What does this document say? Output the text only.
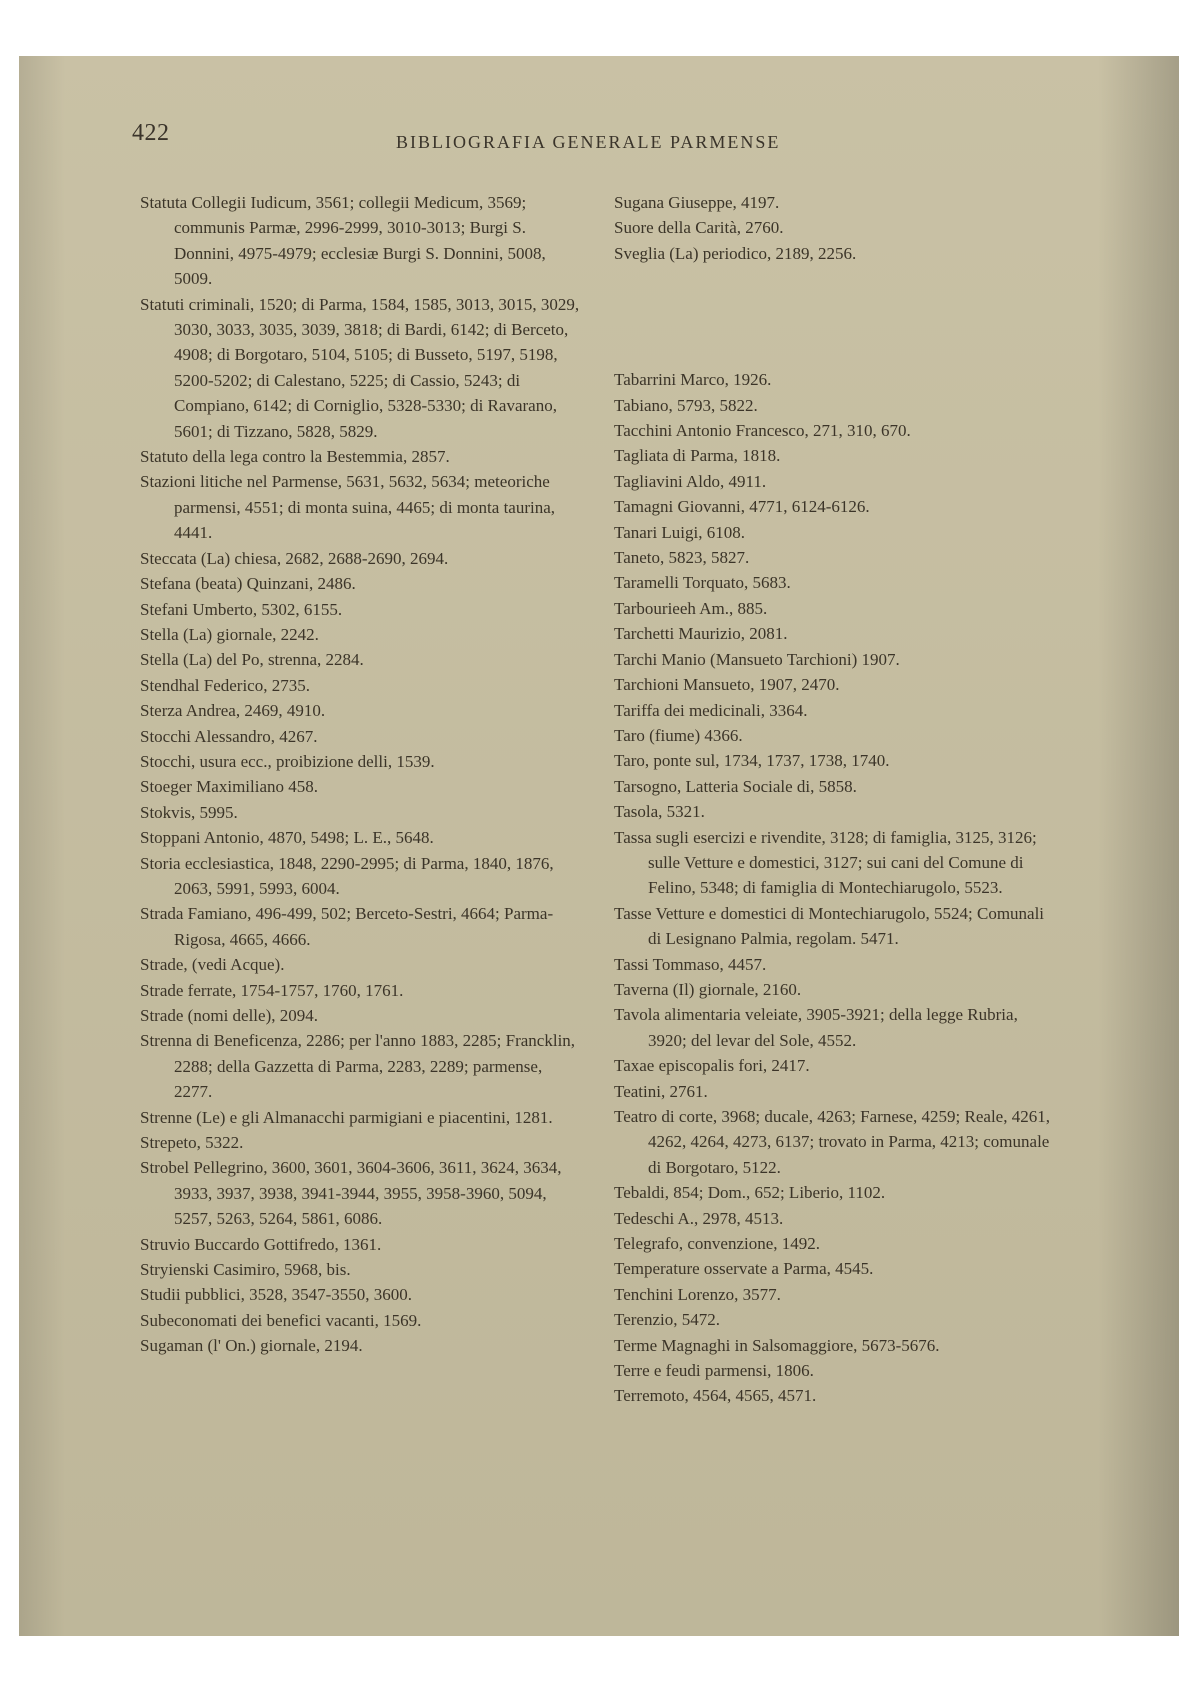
422	BIBLIOGRAFIA GENERALE PARMENSE

Statuta Collegii Iudicum, 3561; collegii Medicum, 3569; communis Parmæ, 2996-2999, 3010-3013; Burgi S. Donnini, 4975-4979; ecclesiæ Burgi S. Donnini, 5008, 5009.

Statuti criminali, 1520; di Parma, 1584, 1585, 3013, 3015, 3029, 3030, 3033, 3035, 3039, 3818; di Bardi, 6142; di Berceto, 4908; di Borgotaro, 5104, 5105; di Busseto, 5197, 5198, 5200-5202; di Calestano, 5225; di Cassio, 5243; di Compiano, 6142; di Corniglio, 5328-5330; di Ravarano, 5601; di Tizzano, 5828, 5829.

Statuto della lega contro la Bestemmia, 2857.

Stazioni litiche nel Parmense, 5631, 5632, 5634; meteoriche parmensi, 4551; di monta suina, 4465; di monta taurina, 4441.

Steccata (La) chiesa, 2682, 2688-2690, 2694.

Stefana (beata) Quinzani, 2486.

Stefani Umberto, 5302, 6155.

Stella (La) giornale, 2242.

Stella (La) del Po, strenna, 2284.

Stendhal Federico, 2735.

Sterza Andrea, 2469, 4910.

Stocchi Alessandro, 4267.

Stocchi, usura ecc., proibizione delli, 1539.

Stoeger Maximiliano 458.

Stokvis, 5995.

Stoppani Antonio, 4870, 5498; L. E., 5648.

Storia ecclesiastica, 1848, 2290-2995; di Parma, 1840, 1876, 2063, 5991, 5993, 6004.

Strada Famiano, 496-499, 502; Berceto-Sestri, 4664; Parma-Rigosa, 4665, 4666.

Strade, (vedi Acque).

Strade ferrate, 1754-1757, 1760, 1761.

Strade (nomi delle), 2094.

Strenna di Beneficenza, 2286; per l'anno 1883, 2285; Francklin, 2288; della Gazzetta di Parma, 2283, 2289; parmense, 2277.

Strenne (Le) e gli Almanacchi parmigiani e piacentini, 1281.

Strepeto, 5322.

Strobel Pellegrino, 3600, 3601, 3604-3606, 3611, 3624, 3634, 3933, 3937, 3938, 3941-3944, 3955, 3958-3960, 5094, 5257, 5263, 5264, 5861, 6086.

Struvio Buccardo Gottifredo, 1361.

Stryienski Casimiro, 5968, bis.

Studii pubblici, 3528, 3547-3550, 3600.

Subeconomati dei benefici vacanti, 1569.

Sugaman (l' On.) giornale, 2194.

Sugana Giuseppe, 4197.

Suore della Carità, 2760.

Sveglia (La) periodico, 2189, 2256.

Tabarrini Marco, 1926.

Tabiano, 5793, 5822.

Tacchini Antonio Francesco, 271, 310, 670.

Tagliata di Parma, 1818.

Tagliavini Aldo, 4911.

Tamagni Giovanni, 4771, 6124-6126.

Tanari Luigi, 6108.

Taneto, 5823, 5827.

Taramelli Torquato, 5683.

Tarbourieeh Am., 885.

Tarchetti Maurizio, 2081.

Tarchi Manio (Mansueto Tarchioni) 1907.

Tarchioni Mansueto, 1907, 2470.

Tariffa dei medicinali, 3364.

Taro (fiume) 4366.

Taro, ponte sul, 1734, 1737, 1738, 1740.

Tarsogno, Latteria Sociale di, 5858.

Tasola, 5321.

Tassa sugli esercizi e rivendite, 3128; di famiglia, 3125, 3126; sulle Vetture e domestici, 3127; sui cani del Comune di Felino, 5348; di famiglia di Montechiarugolo, 5523.

Tasse Vetture e domestici di Montechiarugolo, 5524; Comunali di Lesignano Palmia, regolam. 5471.

Tassi Tommaso, 4457.

Taverna (Il) giornale, 2160.

Tavola alimentaria veleiate, 3905-3921; della legge Rubria, 3920; del levar del Sole, 4552.

Taxae episcopalis fori, 2417.

Teatini, 2761.

Teatro di corte, 3968; ducale, 4263; Farnese, 4259; Reale, 4261, 4262, 4264, 4273, 6137; trovato in Parma, 4213; comunale di Borgotaro, 5122.

Tebaldi, 854; Dom., 652; Liberio, 1102.

Tedeschi A., 2978, 4513.

Telegrafo, convenzione, 1492.

Temperature osservate a Parma, 4545.

Tenchini Lorenzo, 3577.

Terenzio, 5472.

Terme Magnaghi in Salsomaggiore, 5673-5676.

Terre e feudi parmensi, 1806.

Terremoto, 4564, 4565, 4571.
